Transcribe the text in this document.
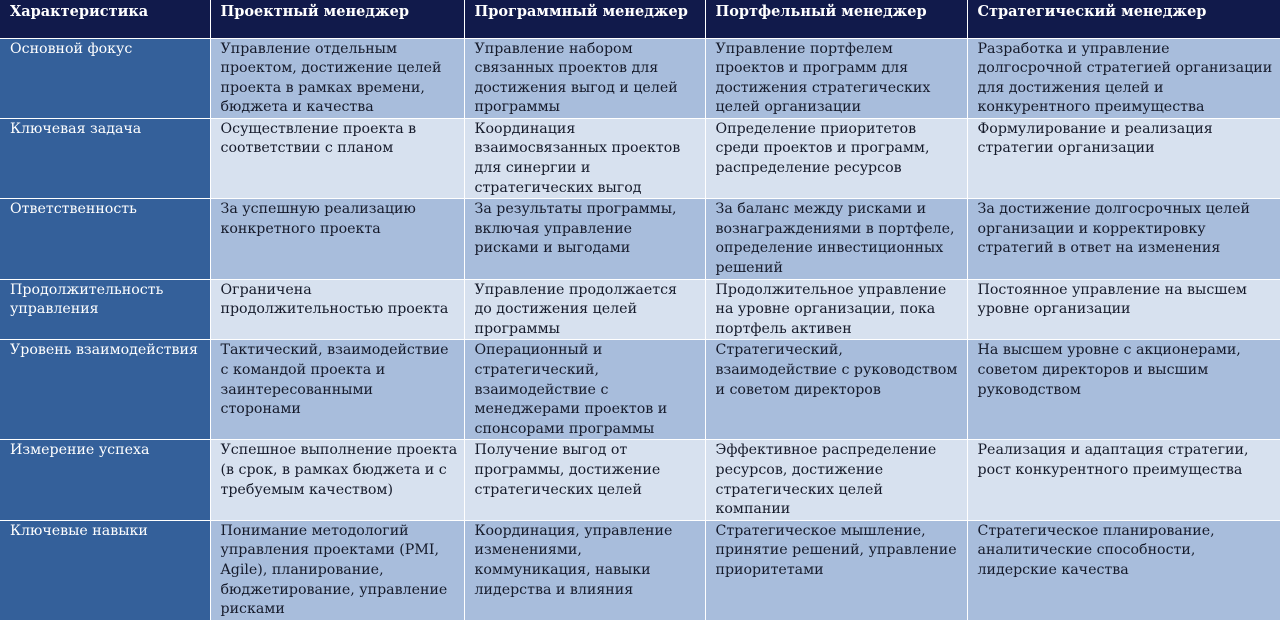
Характеристика	Проектный менеджер	Программный менеджер	Портфельный менеджер	Стратегический менеджер
Основной фокус	Управление отдельным проектом, достижение целей проекта в рамках времени, бюджета и качества	Управление набором связанных проектов для достижения выгод и целей программы	Управление портфелем проектов и программ для достижения стратегических целей организации	Разработка и управление долгосрочной стратегией организации для достижения целей и конкурентного преимущества
Ключевая задача	Осуществление проекта в соответствии с планом	Координация взаимосвязанных проектов для синергии и стратегических выгод	Определение приоритетов среди проектов и программ, распределение ресурсов	Формулирование и реализация стратегии организации
Ответственность	За успешную реализацию конкретного проекта	За результаты программы, включая управление рисками и выгодами	За баланс между рисками и вознаграждениями в портфеле, определение инвестиционных решений	За достижение долгосрочных целей организации и корректировку стратегий в ответ на изменения
Продолжительность управления	Ограничена продолжительностью проекта	Управление продолжается до достижения целей программы	Продолжительное управление на уровне организации, пока портфель активен	Постоянное управление на высшем уровне организации
Уровень взаимодействия	Тактический, взаимодействие с командой проекта и заинтересованными сторонами	Операционный и стратегический, взаимодействие с менеджерами проектов и спонсорами программы	Стратегический, взаимодействие с руководством и советом директоров	На высшем уровне с акционерами, советом директоров и высшим руководством
Измерение успеха	Успешное выполнение проекта (в срок, в рамках бюджета и с требуемым качеством)	Получение выгод от программы, достижение стратегических целей	Эффективное распределение ресурсов, достижение стратегических целей компании	Реализация и адаптация стратегии, рост конкурентного преимущества
Ключевые навыки	Понимание методологий управления проектами (PMI, Agile), планирование, бюджетирование, управление рисками	Координация, управление изменениями, коммуникация, навыки лидерства и влияния	Стратегическое мышление, принятие решений, управление приоритетами	Стратегическое планирование, аналитические способности, лидерские качества
